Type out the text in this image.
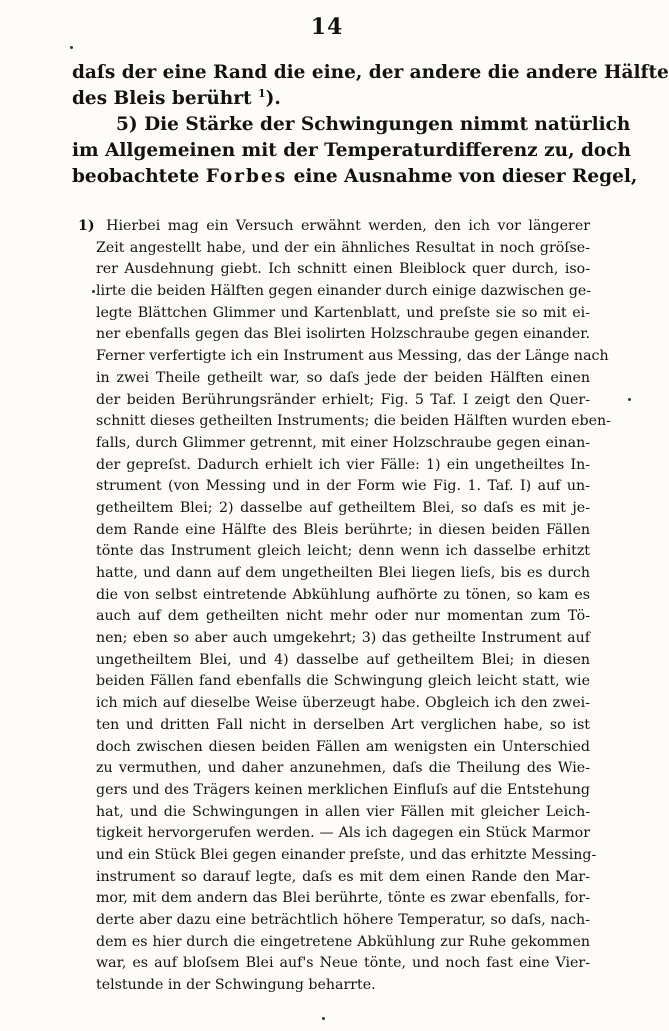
14
daſs der eine Rand die eine, der andere die andere Hälfte
des Bleis berührt $^1$).
5) Die Stärke der Schwingungen nimmt natürlich
im Allgemeinen mit der Temperaturdifferenz zu, doch
beobachtete Forbes eine Ausnahme von dieser Regel,
1) Hierbei mag ein Versuch erwähnt werden, den ich vor längerer
Zeit angestellt habe, und der ein ähnliches Resultat in noch gröſse-
rer Ausdehnung giebt. Ich schnitt einen Bleiblock quer durch, iso-
lirte die beiden Hälften gegen einander durch einige dazwischen ge-
legte Blättchen Glimmer und Kartenblatt, und preſste sie so mit ei-
ner ebenfalls gegen das Blei isolirten Holzschraube gegen einander.
Ferner verfertigte ich ein Instrument aus Messing, das der Länge nach
in zwei Theile getheilt war, so daſs jede der beiden Hälften einen
der beiden Berührungsränder erhielt; Fig. 5 Taf. I zeigt den Quer-
schnitt dieses getheilten Instruments; die beiden Hälften wurden eben-
falls, durch Glimmer getrennt, mit einer Holzschraube gegen einan-
der gepreſst. Dadurch erhielt ich vier Fälle: 1) ein ungetheiltes In-
strument (von Messing und in der Form wie Fig. 1. Taf. I) auf un-
getheiltem Blei; 2) dasselbe auf getheiltem Blei, so daſs es mit je-
dem Rande eine Hälfte des Bleis berührte; in diesen beiden Fällen
tönte das Instrument gleich leicht; denn wenn ich dasselbe erhitzt
hatte, und dann auf dem ungetheilten Blei liegen lieſs, bis es durch
die von selbst eintretende Abkühlung aufhörte zu tönen, so kam es
auch auf dem getheilten nicht mehr oder nur momentan zum Tö-
nen; eben so aber auch umgekehrt; 3) das getheilte Instrument auf
ungetheiltem Blei, und 4) dasselbe auf getheiltem Blei; in diesen
beiden Fällen fand ebenfalls die Schwingung gleich leicht statt, wie
ich mich auf dieselbe Weise überzeugt habe. Obgleich ich den zwei-
ten und dritten Fall nicht in derselben Art verglichen habe, so ist
doch zwischen diesen beiden Fällen am wenigsten ein Unterschied
zu vermuthen, und daher anzunehmen, daſs die Theilung des Wie-
gers und des Trägers keinen merklichen Einfluſs auf die Entstehung
hat, und die Schwingungen in allen vier Fällen mit gleicher Leich-
tigkeit hervorgerufen werden. — Als ich dagegen ein Stück Marmor
und ein Stück Blei gegen einander preſste, und das erhitzte Messing-
instrument so darauf legte, daſs es mit dem einen Rande den Mar-
mor, mit dem andern das Blei berührte, tönte es zwar ebenfalls, for-
derte aber dazu eine beträchtlich höhere Temperatur, so daſs, nach-
dem es hier durch die eingetretene Abkühlung zur Ruhe gekommen
war, es auf bloſsem Blei auf's Neue tönte, und noch fast eine Vier-
telstunde in der Schwingung beharrte.
